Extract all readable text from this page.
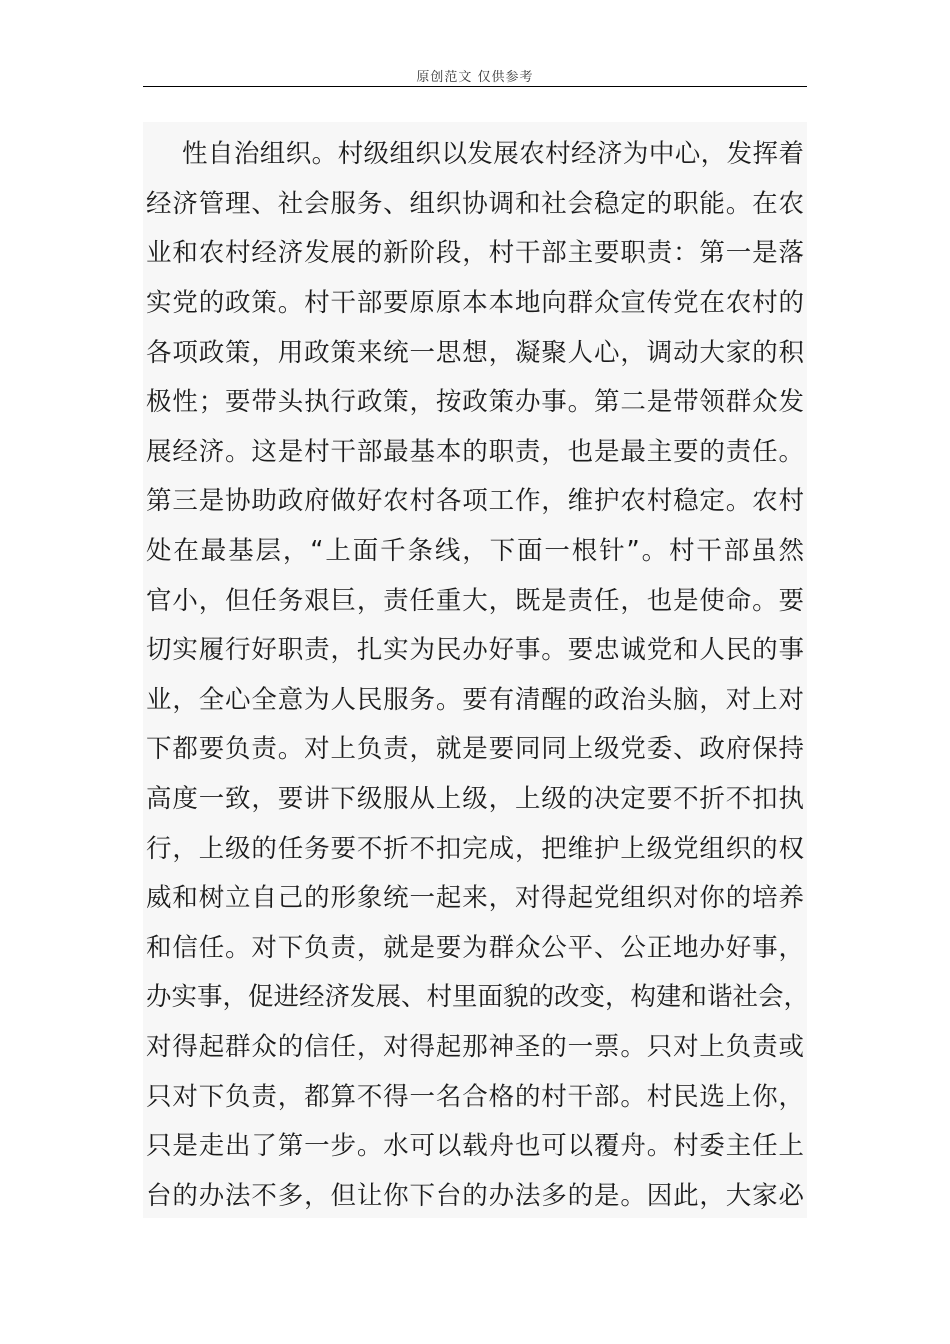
原创范文 仅供参考
性自治组织。村级组织以发展农村经济为中心，发挥着
经济管理、社会服务、组织协调和社会稳定的职能。在农
业和农村经济发展的新阶段，村干部主要职责：第一是落
实党的政策。村干部要原原本本地向群众宣传党在农村的
各项政策，用政策来统一思想，凝聚人心，调动大家的积
极性；要带头执行政策，按政策办事。第二是带领群众发
展经济。这是村干部最基本的职责，也是最主要的责任。
第三是协助政府做好农村各项工作，维护农村稳定。农村
处在最基层，“上面千条线，下面一根针”。村干部虽然
官小，但任务艰巨，责任重大，既是责任，也是使命。要
切实履行好职责，扎实为民办好事。要忠诚党和人民的事
业，全心全意为人民服务。要有清醒的政治头脑，对上对
下都要负责。对上负责，就是要同同上级党委、政府保持
高度一致，要讲下级服从上级，上级的决定要不折不扣执
行，上级的任务要不折不扣完成，把维护上级党组织的权
威和树立自己的形象统一起来，对得起党组织对你的培养
和信任。对下负责，就是要为群众公平、公正地办好事，
办实事，促进经济发展、村里面貌的改变，构建和谐社会，
对得起群众的信任，对得起那神圣的一票。只对上负责或
只对下负责，都算不得一名合格的村干部。村民选上你，
只是走出了第一步。水可以载舟也可以覆舟。村委主任上
台的办法不多，但让你下台的办法多的是。因此，大家必
